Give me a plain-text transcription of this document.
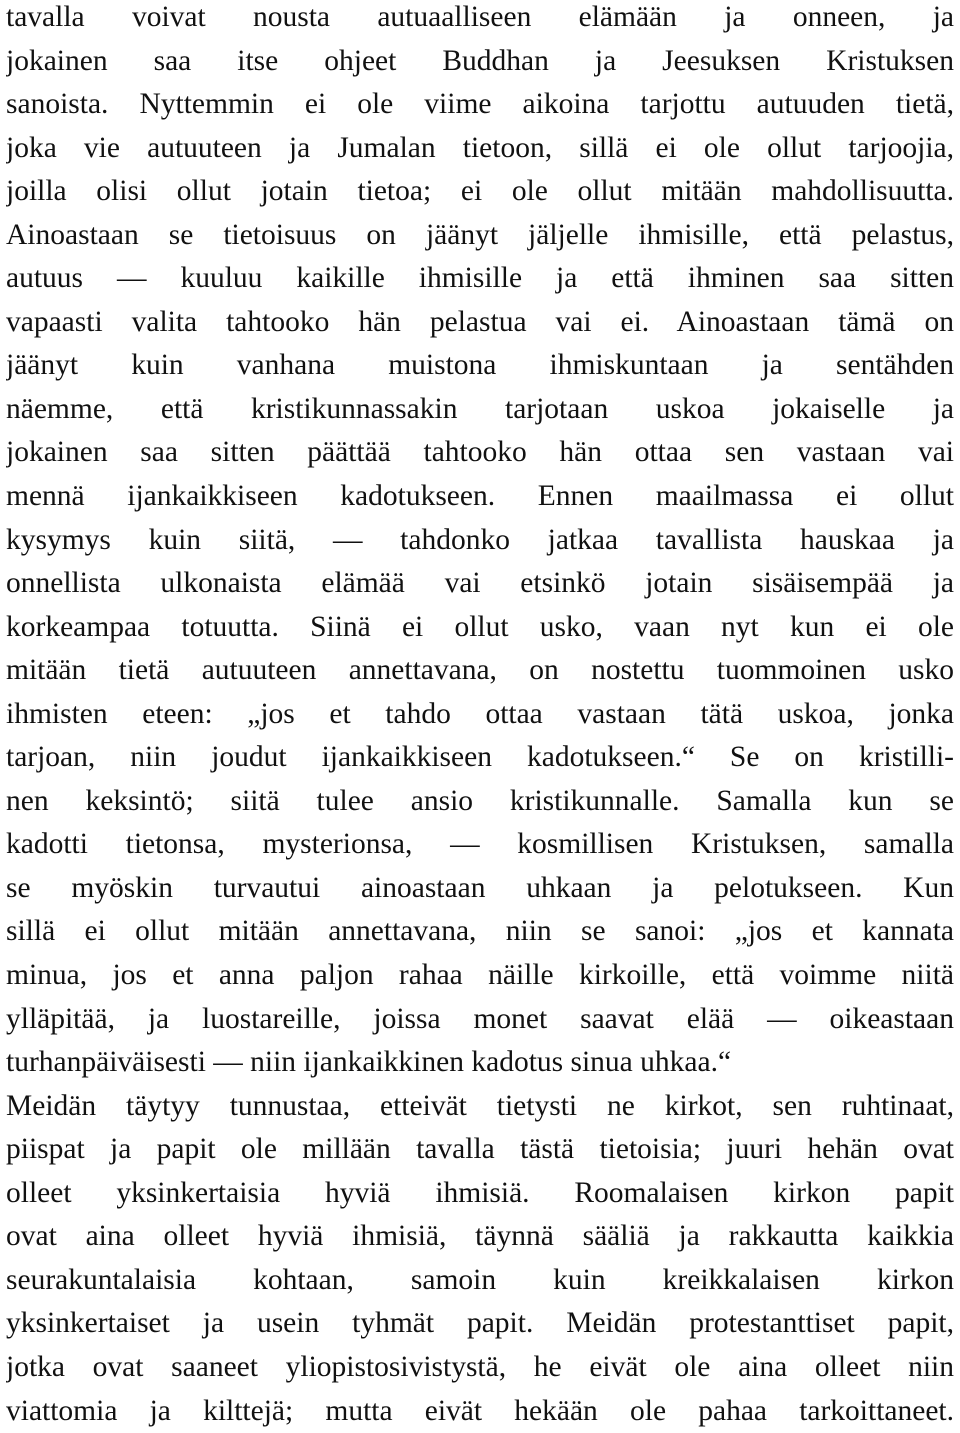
tavalla voivat nousta autuaalliseen elämään ja onneen, ja
jokainen saa itse ohjeet Buddhan ja Jeesuksen Kristuksen
sanoista. Nyttemmin ei ole viime aikoina tarjottu autuuden tietä,
joka vie autuuteen ja Jumalan tietoon, sillä ei ole ollut tarjoojia,
joilla olisi ollut jotain tietoa; ei ole ollut mitään mahdollisuutta.
Ainoastaan se tietoisuus on jäänyt jäljelle ihmisille, että pelastus,
autuus — kuuluu kaikille ihmisille ja että ihminen saa sitten
vapaasti valita tahtooko hän pelastua vai ei. Ainoastaan tämä on
jäänyt kuin vanhana muistona ihmiskuntaan ja sentähden
näemme, että kristikunnassakin tarjotaan uskoa jokaiselle ja
jokainen saa sitten päättää tahtooko hän ottaa sen vastaan vai
mennä ijankaikkiseen kadotukseen. Ennen maailmassa ei ollut
kysymys kuin siitä, — tahdonko jatkaa tavallista hauskaa ja
onnellista ulkonaista elämää vai etsinkö jotain sisäisempää ja
korkeampaa totuutta. Siinä ei ollut usko, vaan nyt kun ei ole
mitään tietä autuuteen annettavana, on nostettu tuommoinen usko
ihmisten eteen: „jos et tahdo ottaa vastaan tätä uskoa, jonka
tarjoan, niin joudut ijankaikkiseen kadotukseen.“ Se on kristilli-
nen keksintö; siitä tulee ansio kristikunnalle. Samalla kun se
kadotti tietonsa, mysterionsa, — kosmillisen Kristuksen, samalla
se myöskin turvautui ainoastaan uhkaan ja pelotukseen. Kun
sillä ei ollut mitään annettavana, niin se sanoi: „jos et kannata
minua, jos et anna paljon rahaa näille kirkoille, että voimme niitä
ylläpitää, ja luostareille, joissa monet saavat elää — oikeastaan
turhanpäiväisesti — niin ijankaikkinen kadotus sinua uhkaa.“
Meidän täytyy tunnustaa, etteivät tietysti ne kirkot, sen ruhtinaat,
piispat ja papit ole millään tavalla tästä tietoisia; juuri hehän ovat
olleet yksinkertaisia hyviä ihmisiä. Roomalaisen kirkon papit
ovat aina olleet hyviä ihmisiä, täynnä sääliä ja rakkautta kaikkia
seurakuntalaisia kohtaan, samoin kuin kreikkalaisen kirkon
yksinkertaiset ja usein tyhmät papit. Meidän protestanttiset papit,
jotka ovat saaneet yliopistosivistystä, he eivät ole aina olleet niin
viattomia ja kilttejä; mutta eivät hekään ole pahaa tarkoittaneet.
